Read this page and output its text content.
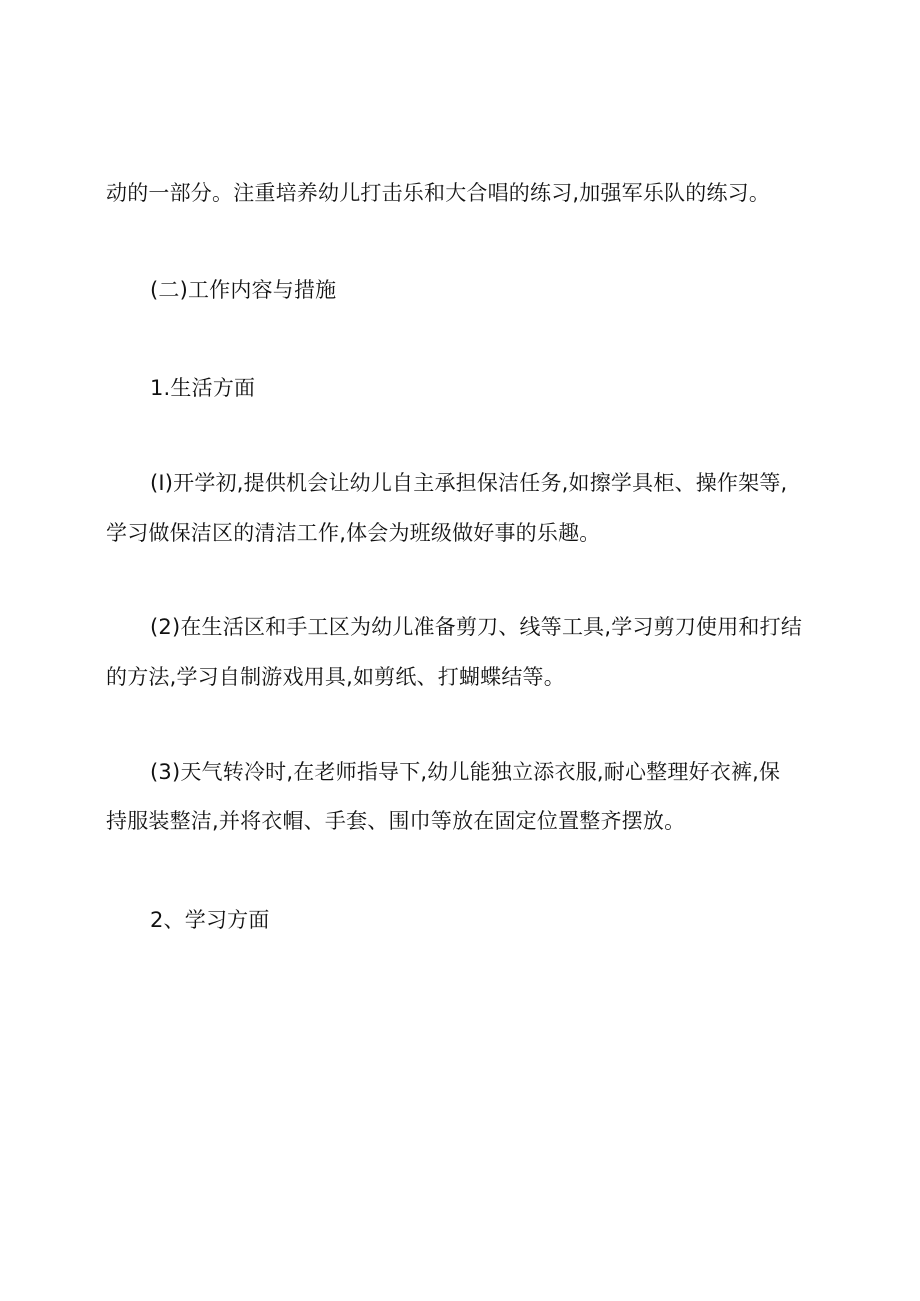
动的一部分。注重培养幼儿打击乐和大合唱的练习,加强军乐队的练习。
(二)工作内容与措施
1.生活方面
(I)开学初,提供机会让幼儿自主承担保洁任务,如擦学具柜、操作架等,
学习做保洁区的清洁工作,体会为班级做好事的乐趣。
(2)在生活区和手工区为幼儿准备剪刀、线等工具,学习剪刀使用和打结
的方法,学习自制游戏用具,如剪纸、打蝴蝶结等。
(3)天气转冷时,在老师指导下,幼儿能独立添衣服,耐心整理好衣裤,保
持服装整洁,并将衣帽、手套、围巾等放在固定位置整齐摆放。
2、学习方面
